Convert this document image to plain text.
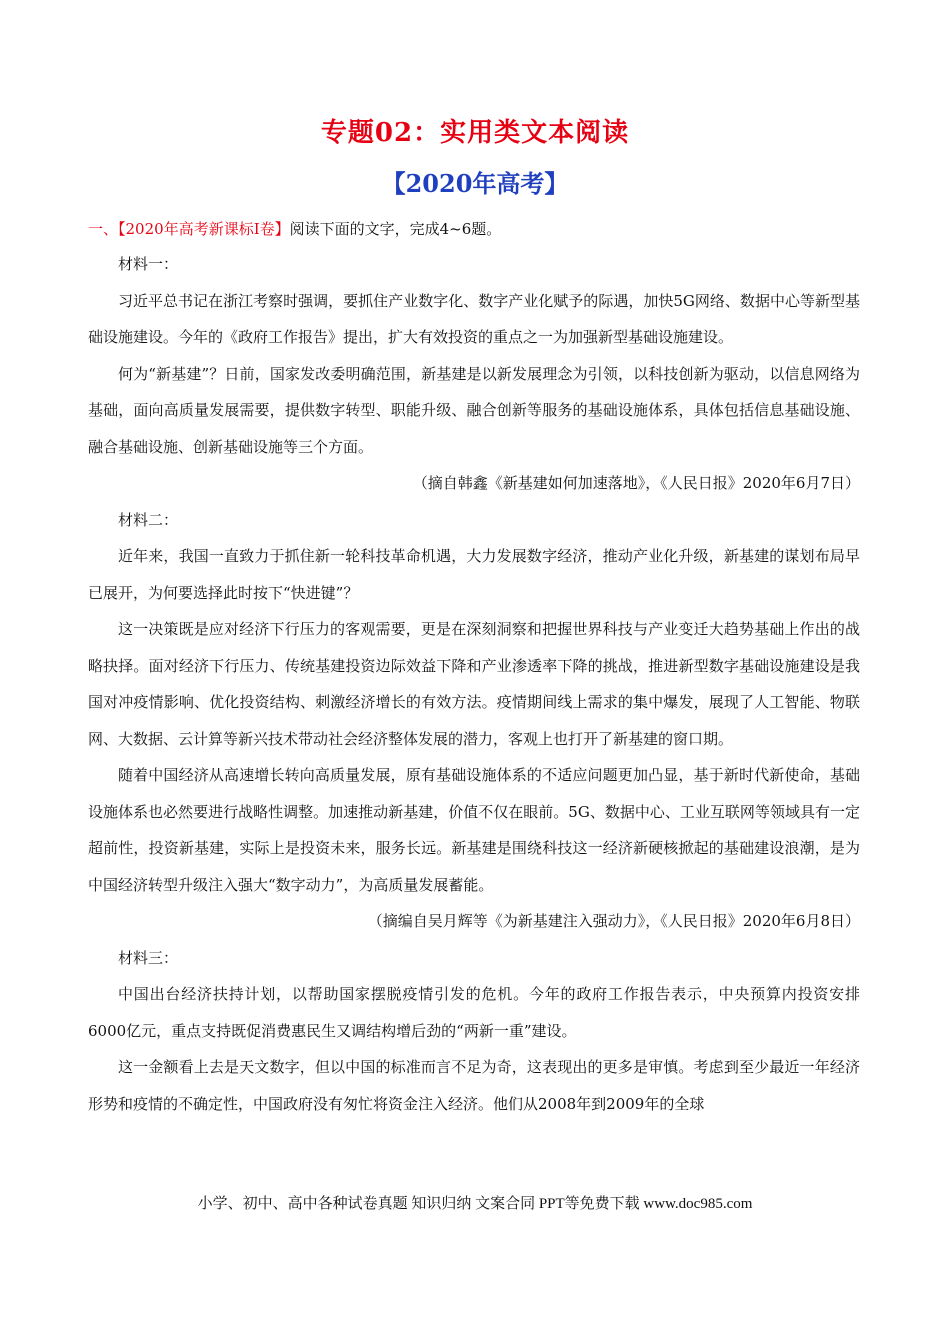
专题02：实用类文本阅读
【2020年高考】
一、【2020年高考新课标Ⅰ卷】阅读下面的文字，完成4~6题。

材料一：

习近平总书记在浙江考察时强调，要抓住产业数字化、数字产业化赋予的际遇，加快5G网络、数据中心等新型基础设施建设。今年的《政府工作报告》提出，扩大有效投资的重点之一为加强新型基础设施建设。

何为“新基建”？日前，国家发改委明确范围，新基建是以新发展理念为引领，以科技创新为驱动，以信息网络为基础，面向高质量发展需要，提供数字转型、职能升级、融合创新等服务的基础设施体系，具体包括信息基础设施、融合基础设施、创新基础设施等三个方面。

（摘自韩鑫《新基建如何加速落地》，《人民日报》2020年6月7日）

材料二：

近年来，我国一直致力于抓住新一轮科技革命机遇，大力发展数字经济，推动产业化升级，新基建的谋划布局早已展开，为何要选择此时按下“快进键”？

这一决策既是应对经济下行压力的客观需要，更是在深刻洞察和把握世界科技与产业变迁大趋势基础上作出的战略抉择。面对经济下行压力、传统基建投资边际效益下降和产业渗透率下降的挑战，推进新型数字基础设施建设是我国对冲疫情影响、优化投资结构、刺激经济增长的有效方法。疫情期间线上需求的集中爆发，展现了人工智能、物联网、大数据、云计算等新兴技术带动社会经济整体发展的潜力，客观上也打开了新基建的窗口期。

随着中国经济从高速增长转向高质量发展，原有基础设施体系的不适应问题更加凸显，基于新时代新使命，基础设施体系也必然要进行战略性调整。加速推动新基建，价值不仅在眼前。5G、数据中心、工业互联网等领域具有一定超前性，投资新基建，实际上是投资未来，服务长远。新基建是围绕科技这一经济新硬核掀起的基础建设浪潮，是为中国经济转型升级注入强大“数字动力”，为高质量发展蓄能。

（摘编自吴月辉等《为新基建注入强动力》，《人民日报》2020年6月8日）

材料三：

中国出台经济扶持计划，以帮助国家摆脱疫情引发的危机。今年的政府工作报告表示，中央预算内投资安排6000亿元，重点支持既促消费惠民生又调结构增后劲的“两新一重”建设。

这一金额看上去是天文数字，但以中国的标准而言不足为奇，这表现出的更多是审慎。考虑到至少最近一年经济形势和疫情的不确定性，中国政府没有匆忙将资金注入经济。他们从2008年到2009年的全球

小学、初中、高中各种试卷真题 知识归纳 文案合同 PPT等免费下载 www.doc985.com
